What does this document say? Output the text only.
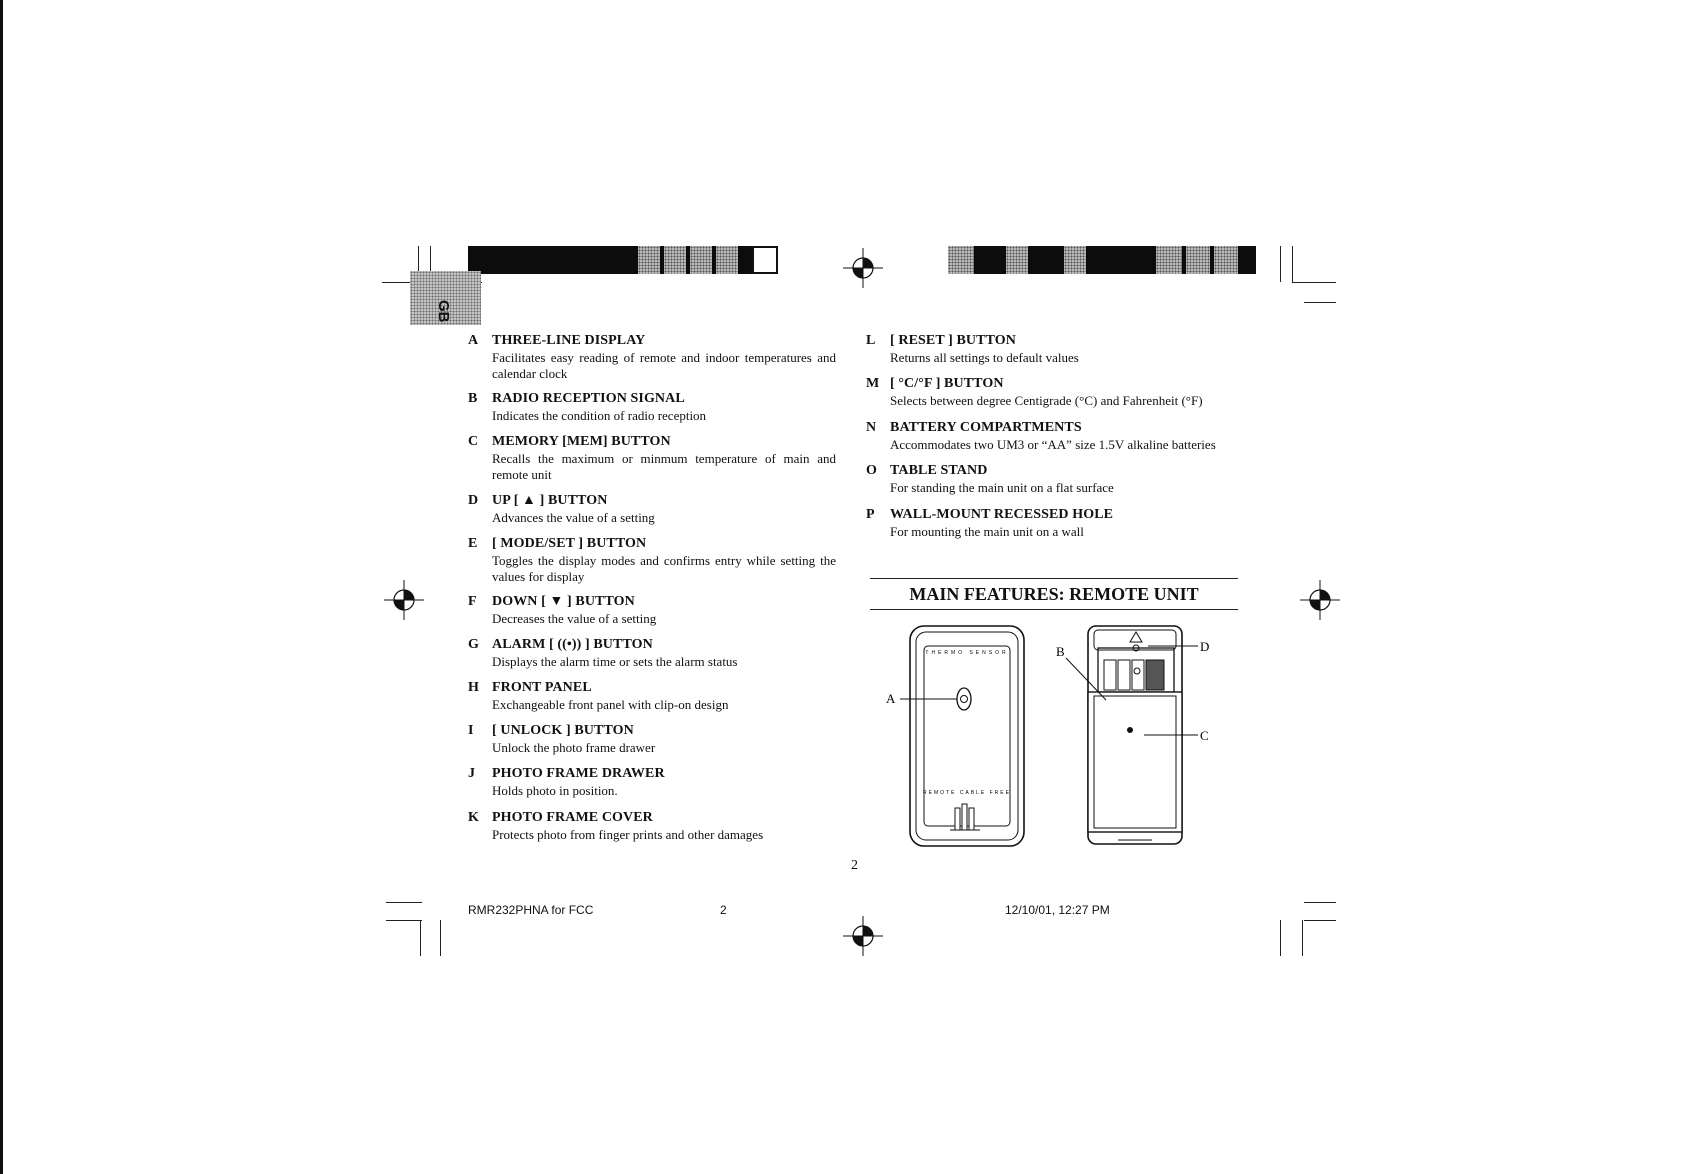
GB
A THREE-LINE DISPLAY
Facilitates easy reading of remote and indoor temperatures and calendar clock
B	RADIO RECEPTION SIGNAL
Indicates the condition of radio reception
C MEMORY [MEM] BUTTON
Recalls the maximum or minmum temperature of main and remote unit
D UP [ ▲ ] BUTTON
Advances the value of a setting
E	[ MODE/SET ] BUTTON
Toggles the display modes and confirms entry while setting the values for display
F	DOWN [ ▼ ] BUTTON
Decreases the value of a setting
G ALARM [ ((•)) ] BUTTON
Displays the alarm time or sets the alarm status
H FRONT PANEL
Exchangeable front panel with clip-on design
I	[ UNLOCK ] BUTTON
Unlock the photo frame drawer
J	PHOTO FRAME DRAWER
Holds photo in position.
K PHOTO FRAME COVER
Protects photo from finger prints and other damages
L	[ RESET ] BUTTON
Returns all settings to default values
M [ °C/°F ] BUTTON
Selects between degree Centigrade (°C) and Fahrenheit (°F)
N BATTERY COMPARTMENTS
Accommodates two UM3 or “AA” size 1.5V alkaline batteries
O TABLE STAND
For standing the main unit on a flat surface
P	WALL-MOUNT RECESSED HOLE
For mounting the main unit on a wall
MAIN FEATURES: REMOTE UNIT
THERMO SENSOR
REMOTE CABLE FREE
A
D
B
C
2
RMR232PHNA for FCC	2	12/10/01, 12:27 PM
